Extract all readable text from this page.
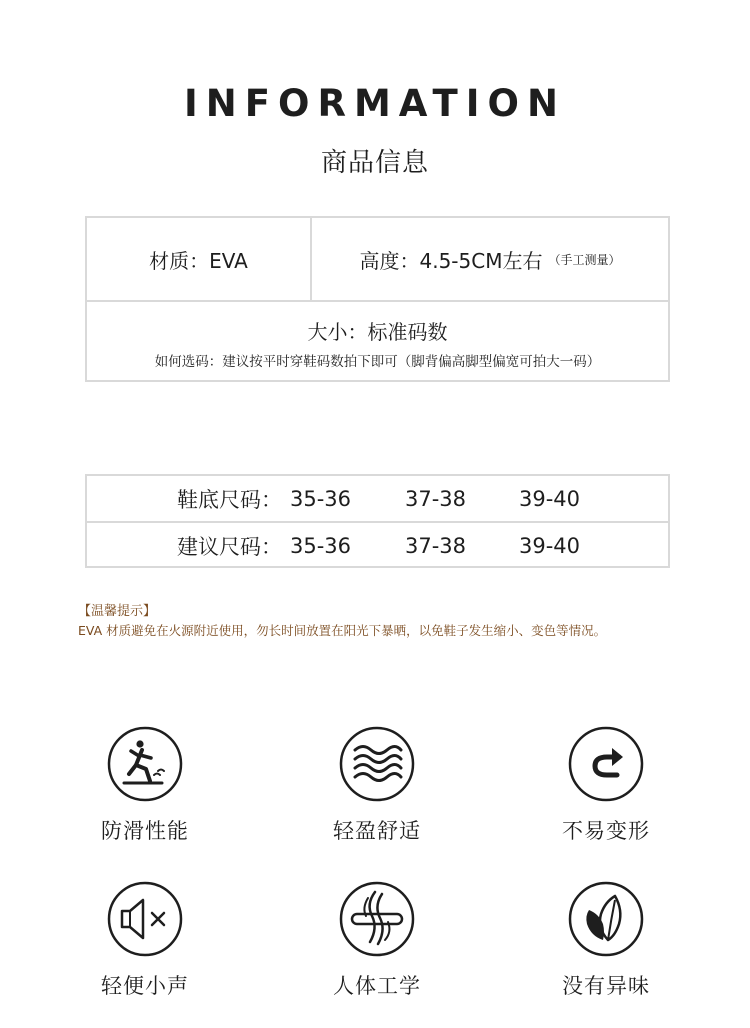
INFORMATION
商品信息
材质：EVA	高度：4.5-5CM左右 （手工测量）
大小：标准码数
如何选码：建议按平时穿鞋码数拍下即可（脚背偏高脚型偏宽可拍大一码）
鞋底尺码： 35-36	37-38	39-40
建议尺码： 35-36	37-38	39-40
【温馨提示】
EVA 材质避免在火源附近使用，勿长时间放置在阳光下暴晒，以免鞋子发生缩小、变色等情况。
防滑性能	轻盈舒适	不易变形
轻便小声	人体工学	没有异味
